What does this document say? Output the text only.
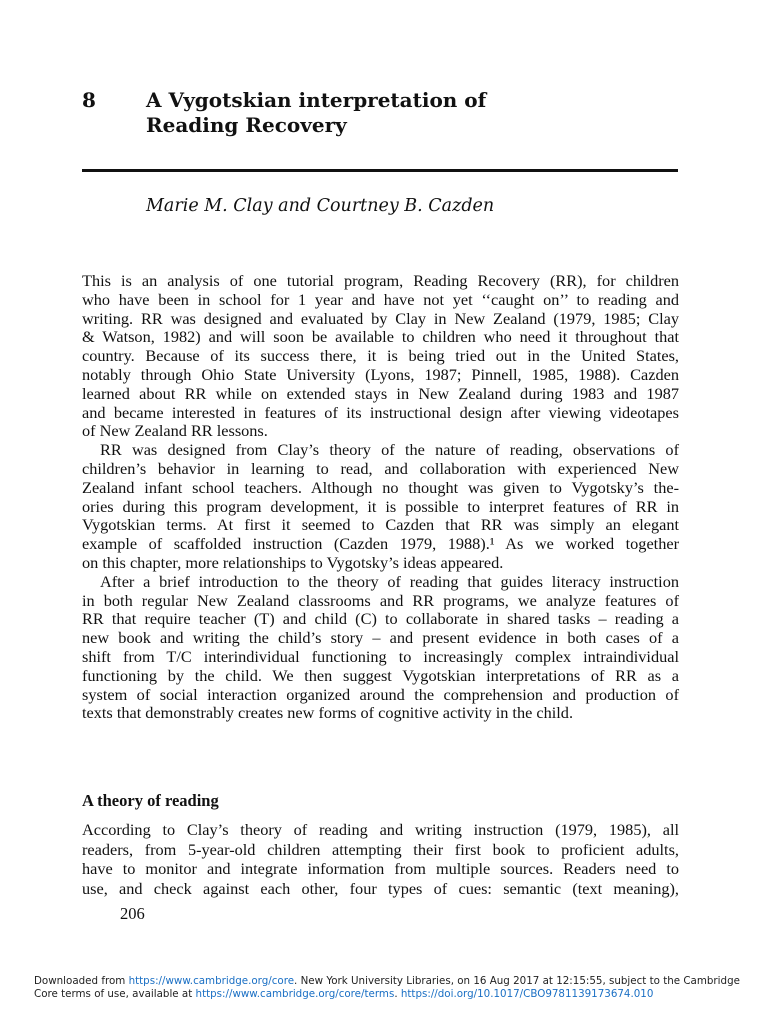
8	A Vygotskian interpretation of
Reading Recovery
Marie M. Clay and Courtney B. Cazden
This is an analysis of one tutorial program, Reading Recovery (RR), for children
who have been in school for 1 year and have not yet ‘‘caught on’’ to reading and
writing. RR was designed and evaluated by Clay in New Zealand (1979, 1985; Clay
& Watson, 1982) and will soon be available to children who need it throughout that
country. Because of its success there, it is being tried out in the United States,
notably through Ohio State University (Lyons, 1987; Pinnell, 1985, 1988). Cazden
learned about RR while on extended stays in New Zealand during 1983 and 1987
and became interested in features of its instructional design after viewing videotapes
of New Zealand RR lessons.
RR was designed from Clay’s theory of the nature of reading, observations of
children’s behavior in learning to read, and collaboration with experienced New
Zealand infant school teachers. Although no thought was given to Vygotsky’s the-
ories during this program development, it is possible to interpret features of RR in
Vygotskian terms. At first it seemed to Cazden that RR was simply an elegant
example of scaffolded instruction (Cazden 1979, 1988).¹ As we worked together
on this chapter, more relationships to Vygotsky’s ideas appeared.
After a brief introduction to the theory of reading that guides literacy instruction
in both regular New Zealand classrooms and RR programs, we analyze features of
RR that require teacher (T) and child (C) to collaborate in shared tasks – reading a
new book and writing the child’s story – and present evidence in both cases of a
shift from T/C interindividual functioning to increasingly complex intraindividual
functioning by the child. We then suggest Vygotskian interpretations of RR as a
system of social interaction organized around the comprehension and production of
texts that demonstrably creates new forms of cognitive activity in the child.
A theory of reading
According to Clay’s theory of reading and writing instruction (1979, 1985), all
readers, from 5-year-old children attempting their first book to proficient adults,
have to monitor and integrate information from multiple sources. Readers need to
use, and check against each other, four types of cues: semantic (text meaning),
206
Downloaded from https://www.cambridge.org/core. New York University Libraries, on 16 Aug 2017 at 12:15:55, subject to the Cambridge
Core terms of use, available at https://www.cambridge.org/core/terms. https://doi.org/10.1017/CBO9781139173674.010
